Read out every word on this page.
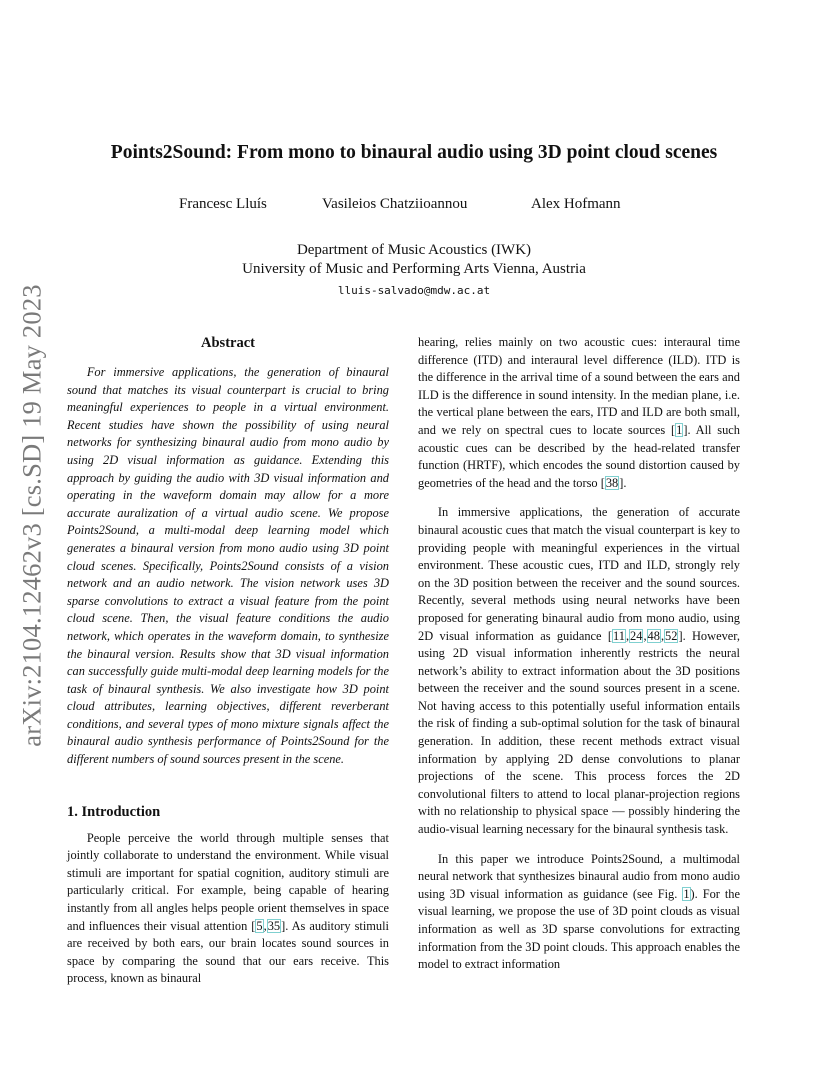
arXiv:2104.12462v3 [cs.SD] 19 May 2023
Points2Sound: From mono to binaural audio using 3D point cloud scenes
Francesc Lluís	Vasileios Chatziioannou	Alex Hofmann
Department of Music Acoustics (IWK)
University of Music and Performing Arts Vienna, Austria
lluis-salvado@mdw.ac.at
Abstract

For immersive applications, the generation of binaural sound that matches its visual counterpart is crucial to bring meaningful experiences to people in a virtual environment. Recent studies have shown the possibility of using neural networks for synthesizing binaural audio from mono audio by using 2D visual information as guidance. Extending this approach by guiding the audio with 3D visual information and operating in the waveform domain may allow for a more accurate auralization of a virtual audio scene. We propose Points2Sound, a multi-modal deep learning model which generates a binaural version from mono audio using 3D point cloud scenes. Specifically, Points2Sound consists of a vision network and an audio network. The vision network uses 3D sparse convolutions to extract a visual feature from the point cloud scene. Then, the visual feature conditions the audio network, which operates in the waveform domain, to synthesize the binaural version. Results show that 3D visual information can successfully guide multi-modal deep learning models for the task of binaural synthesis. We also investigate how 3D point cloud attributes, learning objectives, different reverberant conditions, and several types of mono mixture signals affect the binaural audio synthesis performance of Points2Sound for the different numbers of sound sources present in the scene.

1. Introduction

People perceive the world through multiple senses that jointly collaborate to understand the environment. While visual stimuli are important for spatial cognition, auditory stimuli are particularly critical. For example, being capable of hearing instantly from all angles helps people orient themselves in space and influences their visual attention [5,35]. As auditory stimuli are received by both ears, our brain locates sound sources in space by comparing the sound that our ears receive. This process, known as binaural

hearing, relies mainly on two acoustic cues: interaural time difference (ITD) and interaural level difference (ILD). ITD is the difference in the arrival time of a sound between the ears and ILD is the difference in sound intensity. In the median plane, i.e. the vertical plane between the ears, ITD and ILD are both small, and we rely on spectral cues to locate sources [1]. All such acoustic cues can be described by the head-related transfer function (HRTF), which encodes the sound distortion caused by geometries of the head and the torso [38].

In immersive applications, the generation of accurate binaural acoustic cues that match the visual counterpart is key to providing people with meaningful experiences in the virtual environment. These acoustic cues, ITD and ILD, strongly rely on the 3D position between the receiver and the sound sources. Recently, several methods using neural networks have been proposed for generating binaural audio from mono audio, using 2D visual information as guidance [11,24,48,52]. However, using 2D visual information inherently restricts the neural network’s ability to extract information about the 3D positions between the receiver and the sound sources present in a scene. Not having access to this potentially useful information entails the risk of finding a sub-optimal solution for the task of binaural generation. In addition, these recent methods extract visual information by applying 2D dense convolutions to planar projections of the scene. This process forces the 2D convolutional filters to attend to local planar-projection regions with no relationship to physical space — possibly hindering the audio-visual learning necessary for the binaural synthesis task.

In this paper we introduce Points2Sound, a multimodal neural network that synthesizes binaural audio from mono audio using 3D visual information as guidance (see Fig. 1). For the visual learning, we propose the use of 3D point clouds as visual information as well as 3D sparse convolutions for extracting information from the 3D point clouds. This approach enables the model to extract information
